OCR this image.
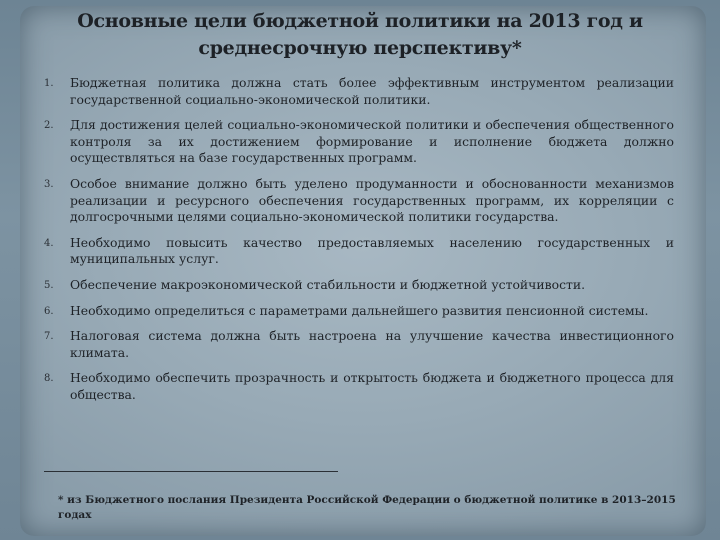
Основные цели бюджетной политики на 2013 год и
среднесрочную перспективу*
1. Бюджетная политика должна стать более эффективным инструментом реализации государственной социально-экономической политики.
2. Для достижения целей социально-экономической политики и обеспечения общественного контроля за их достижением формирование и исполнение бюджета должно осуществляться на базе государственных программ.
3. Особое внимание должно быть уделено продуманности и обоснованности механизмов реализации и ресурсного обеспечения государственных программ, их корреляции с долгосрочными целями социально-экономической политики государства.
4. Необходимо повысить качество предоставляемых населению государственных и муниципальных услуг.
5. Обеспечение макроэкономической стабильности и бюджетной устойчивости.
6. Необходимо определиться с параметрами дальнейшего развития пенсионной системы.
7. Налоговая система должна быть настроена на улучшение качества инвестиционного климата.
8. Необходимо обеспечить прозрачность и открытость бюджета и бюджетного процесса для общества.
* из Бюджетного послания Президента Российской Федерации о бюджетной политике в 2013–2015 годах
